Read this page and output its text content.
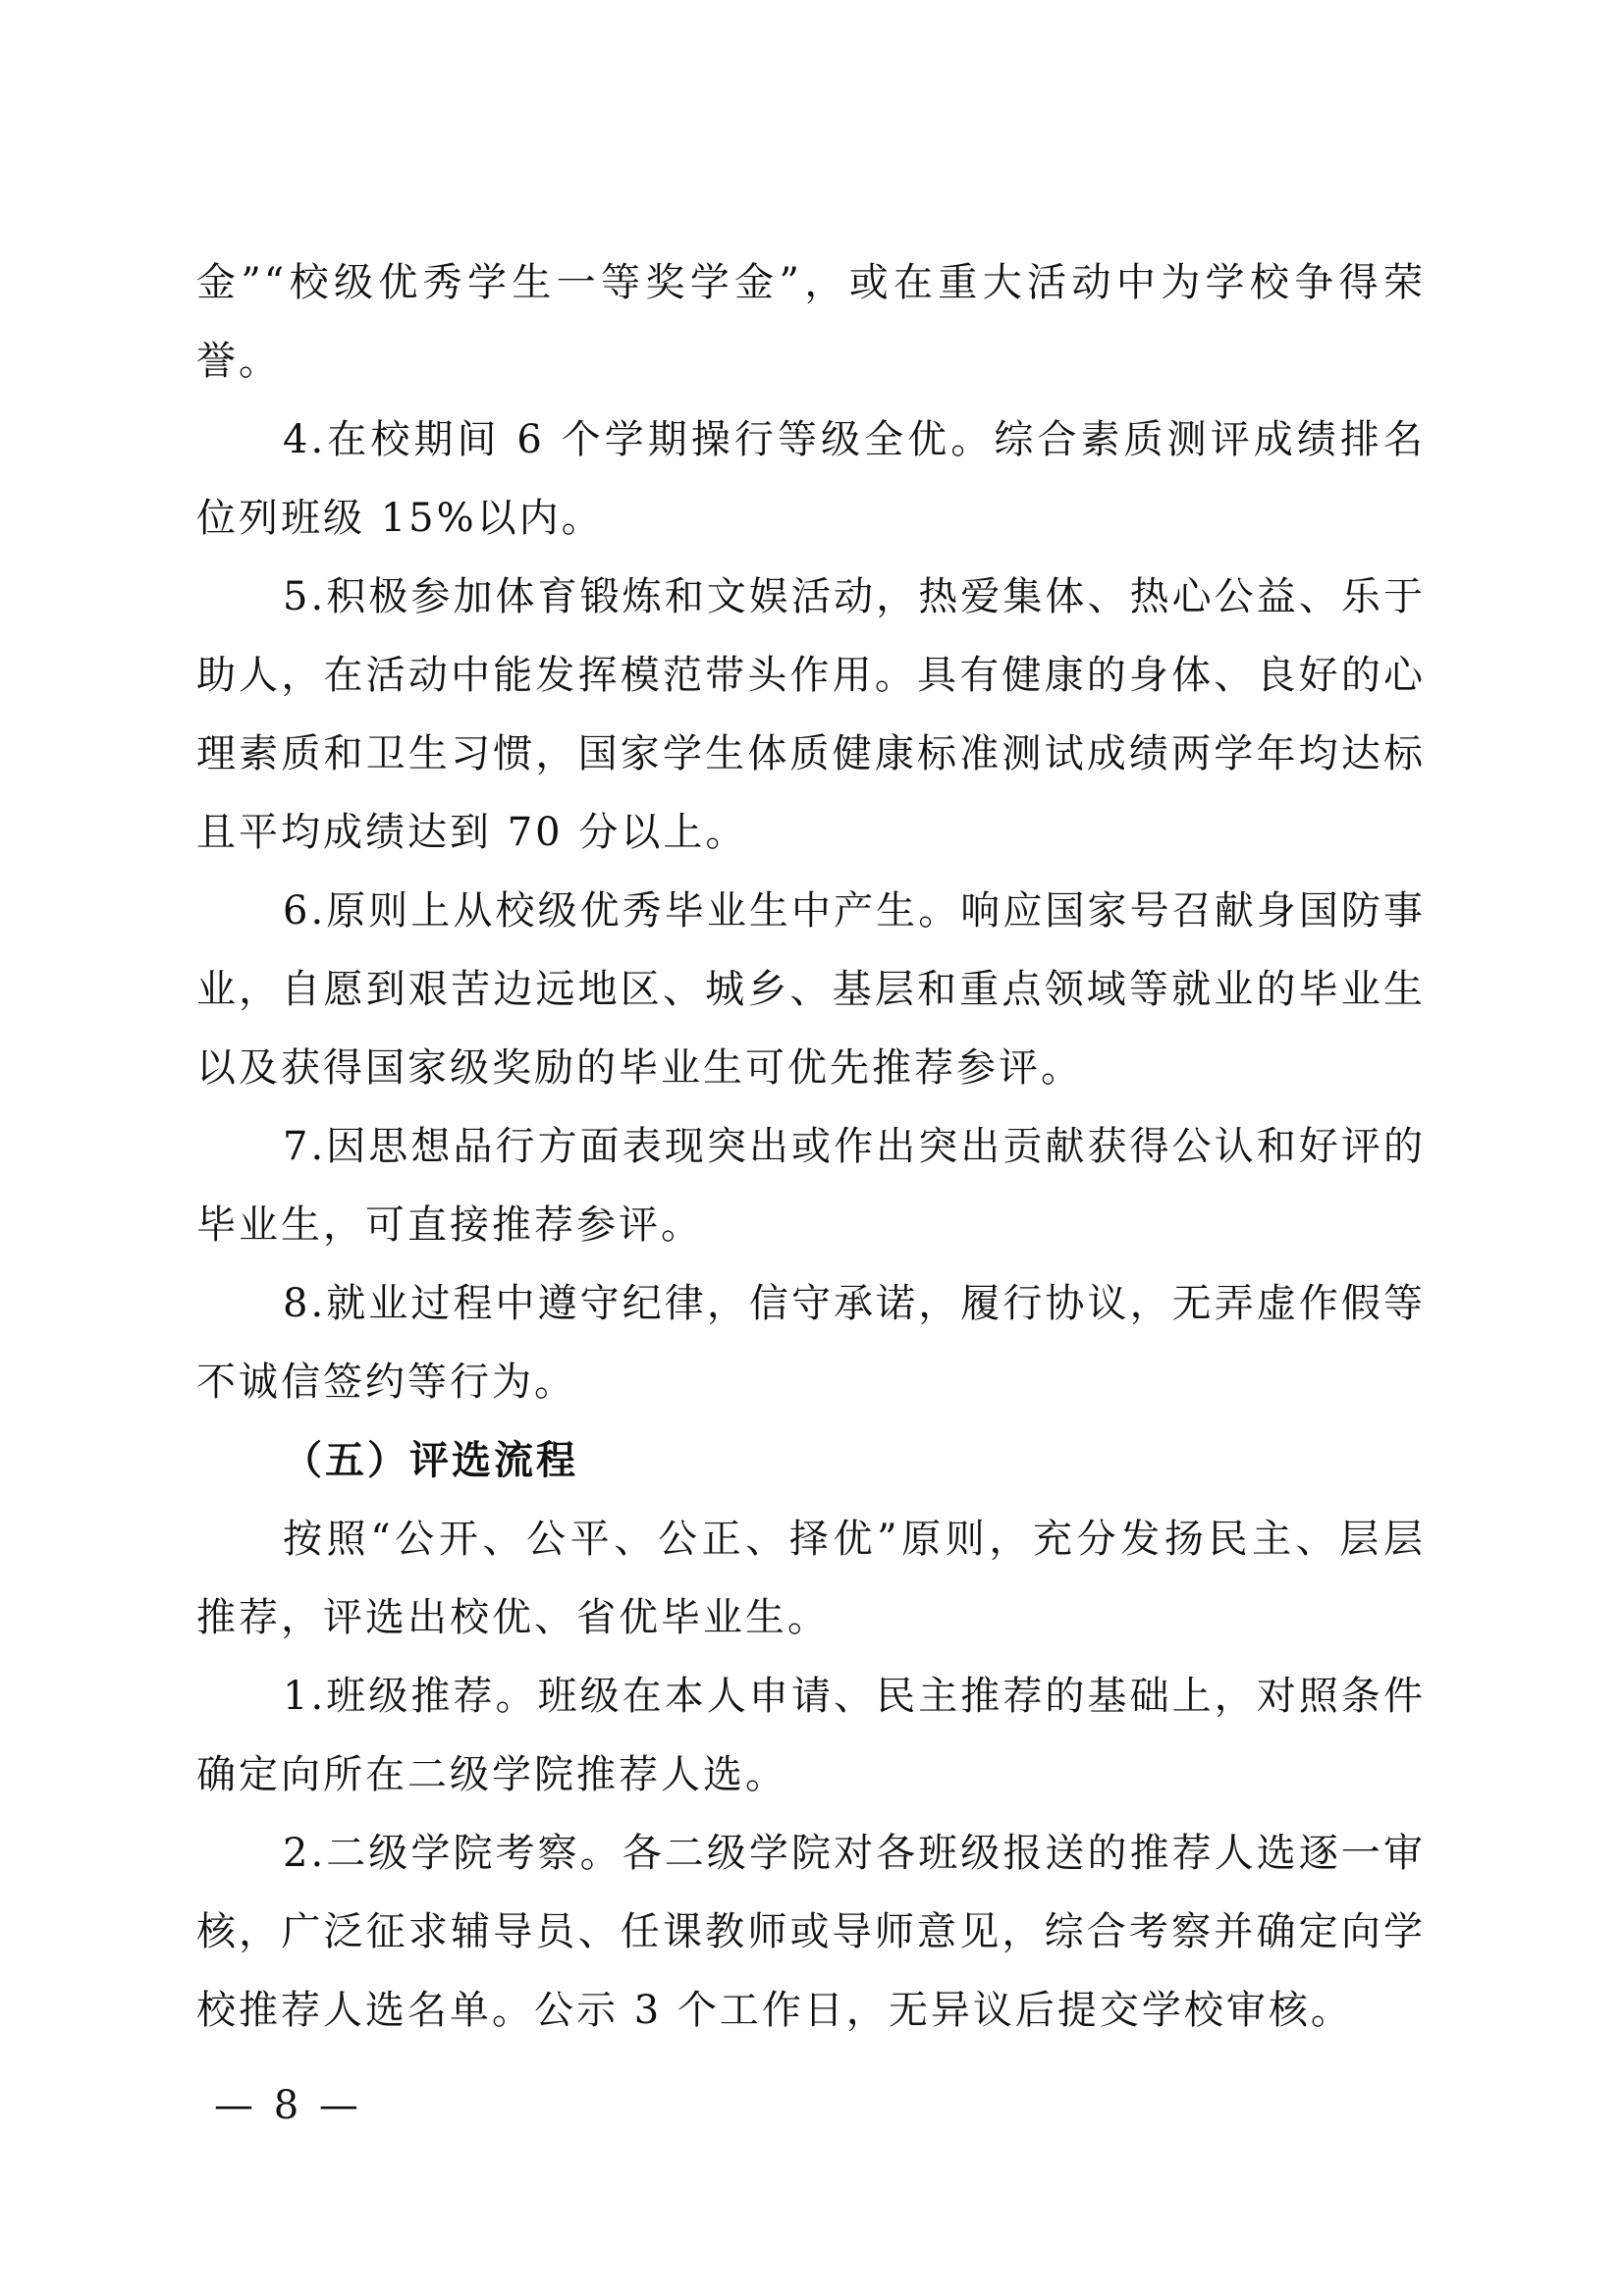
金”“校级优秀学生一等奖学金”，或在重大活动中为学校争得荣誉。

4.在校期间 6 个学期操行等级全优。综合素质测评成绩排名位列班级 15%以内。

5.积极参加体育锻炼和文娱活动，热爱集体、热心公益、乐于助人，在活动中能发挥模范带头作用。具有健康的身体、良好的心理素质和卫生习惯，国家学生体质健康标准测试成绩两学年均达标且平均成绩达到 70 分以上。

6.原则上从校级优秀毕业生中产生。响应国家号召献身国防事业，自愿到艰苦边远地区、城乡、基层和重点领域等就业的毕业生以及获得国家级奖励的毕业生可优先推荐参评。

7.因思想品行方面表现突出或作出突出贡献获得公认和好评的毕业生，可直接推荐参评。

8.就业过程中遵守纪律，信守承诺，履行协议，无弄虚作假等不诚信签约等行为。

（五）评选流程

按照“公开、公平、公正、择优”原则，充分发扬民主、层层推荐，评选出校优、省优毕业生。

1.班级推荐。班级在本人申请、民主推荐的基础上，对照条件确定向所在二级学院推荐人选。

2.二级学院考察。各二级学院对各班级报送的推荐人选逐一审核，广泛征求辅导员、任课教师或导师意见，综合考察并确定向学校推荐人选名单。公示 3 个工作日，无异议后提交学校审核。

— 8 —
